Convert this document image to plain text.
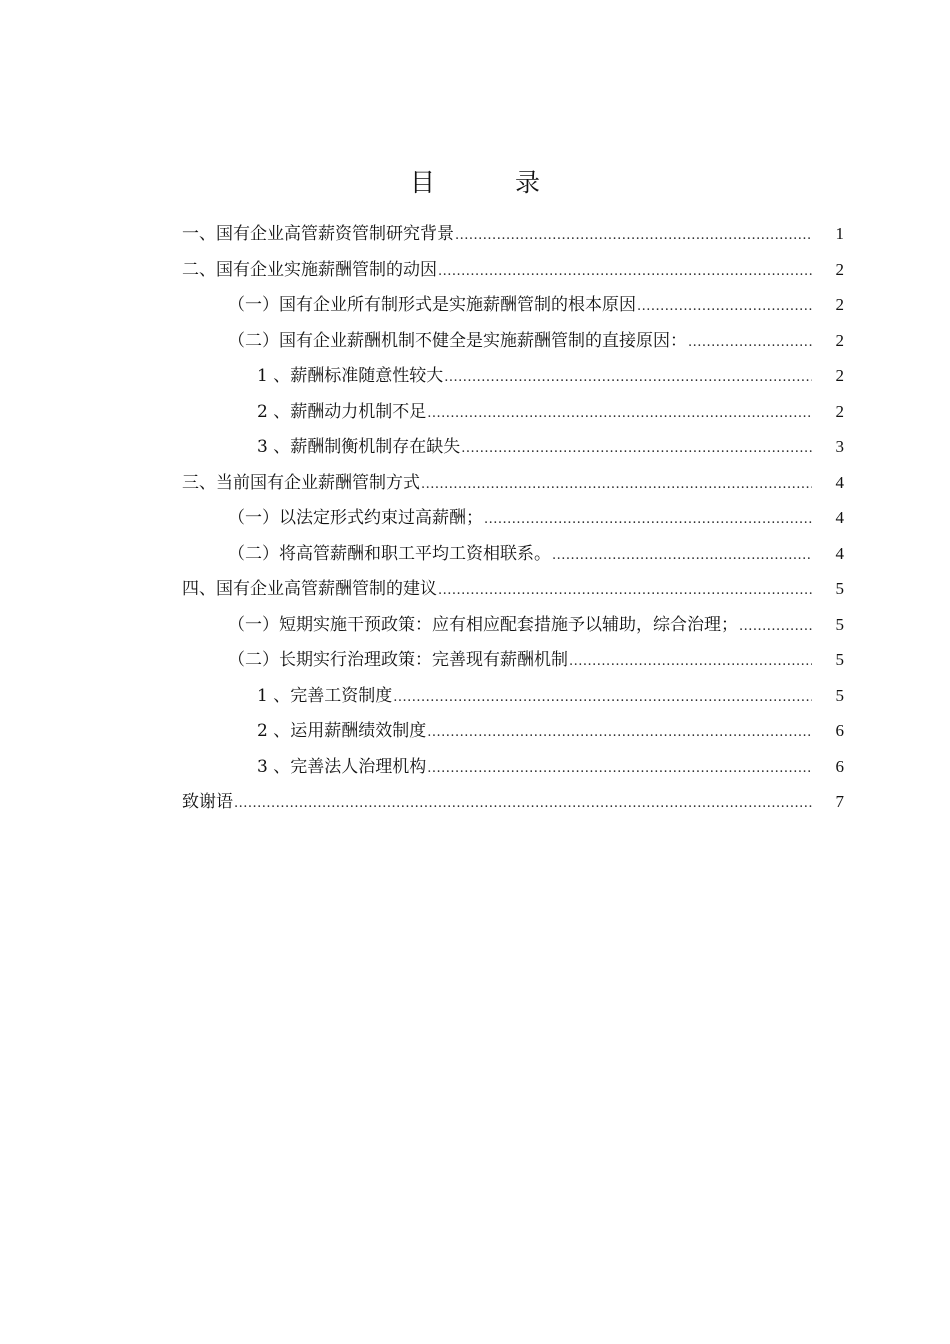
目 录
一、国有企业高管薪资管制研究背景 .....	1
二、国有企业实施薪酬管制的动因 .....	2
（一）国有企业所有制形式是实施薪酬管制的根本原因 .....	2
（二）国有企业薪酬机制不健全是实施薪酬管制的直接原因： .....	2
1 、薪酬标准随意性较大 .....	2
2 、薪酬动力机制不足 .....	2
3 、薪酬制衡机制存在缺失 .....	3
三、当前国有企业薪酬管制方式 .....	4
（一）以法定形式约束过高薪酬； .....	4
（二）将高管薪酬和职工平均工资相联系。 .....	4
四、国有企业高管薪酬管制的建议 .....	5
（一）短期实施干预政策：应有相应配套措施予以辅助，综合治理； .....	5
（二）长期实行治理政策：完善现有薪酬机制 .....	5
1 、完善工资制度 .....	5
2 、运用薪酬绩效制度 .....	6
3 、完善法人治理机构 .....	6
致谢语 .....	7
